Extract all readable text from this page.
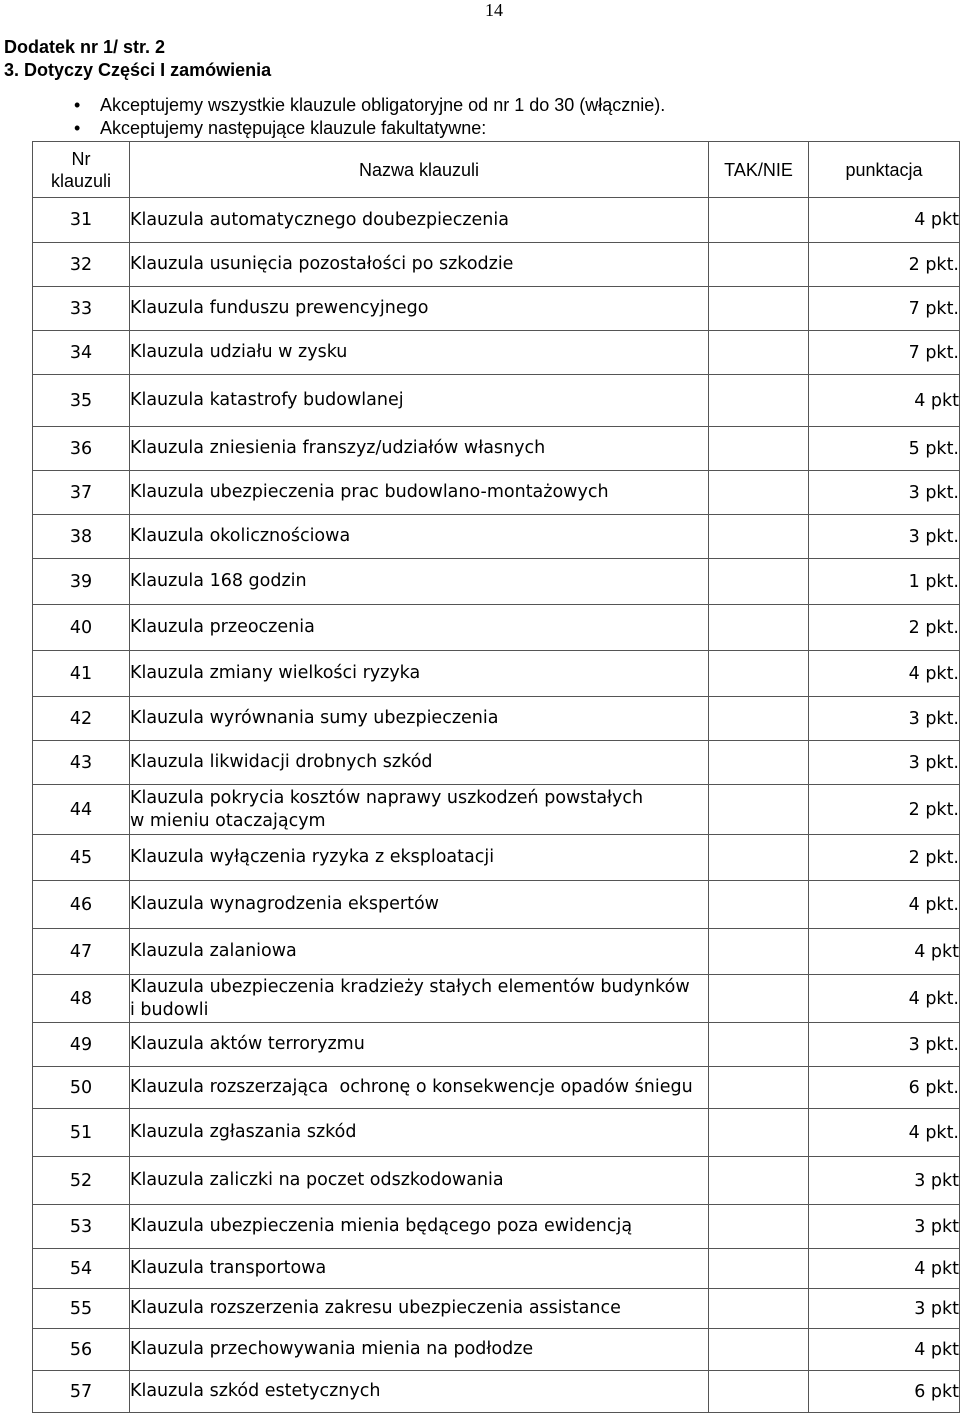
14
Dodatek nr 1/ str. 2
3. Dotyczy Części I zamówienia
• Akceptujemy wszystkie klauzule obligatoryjne od nr 1 do 30 (włącznie).
• Akceptujemy następujące klauzule fakultatywne:
Nr
klauzuli	Nazwa klauzuli	TAK/NIE	punktacja
31	Klauzula automatycznego doubezpieczenia		4 pkt
32	Klauzula usunięcia pozostałości po szkodzie		2 pkt.
33	Klauzula funduszu prewencyjnego		7 pkt.
34	Klauzula udziału w zysku		7 pkt.
35	Klauzula katastrofy budowlanej		4 pkt
36	Klauzula zniesienia franszyz/udziałów własnych		5 pkt.
37	Klauzula ubezpieczenia prac budowlano-montażowych		3 pkt.
38	Klauzula okolicznościowa		3 pkt.
39	Klauzula 168 godzin		1 pkt.
40	Klauzula przeoczenia		2 pkt.
41	Klauzula zmiany wielkości ryzyka		4 pkt.
42	Klauzula wyrównania sumy ubezpieczenia		3 pkt.
43	Klauzula likwidacji drobnych szkód		3 pkt.
44	Klauzula pokrycia kosztów naprawy uszkodzeń powstałych
w mieniu otaczającym		2 pkt.
45	Klauzula wyłączenia ryzyka z eksploatacji		2 pkt.
46	Klauzula wynagrodzenia ekspertów		4 pkt.
47	Klauzula zalaniowa		4 pkt
48	Klauzula ubezpieczenia kradzieży stałych elementów budynków
i budowli		4 pkt.
49	Klauzula aktów terroryzmu		3 pkt.
50	Klauzula rozszerzająca  ochronę o konsekwencje opadów śniegu		6 pkt.
51	Klauzula zgłaszania szkód		4 pkt.
52	Klauzula zaliczki na poczet odszkodowania		3 pkt
53	Klauzula ubezpieczenia mienia będącego poza ewidencją		3 pkt
54	Klauzula transportowa		4 pkt
55	Klauzula rozszerzenia zakresu ubezpieczenia assistance		3 pkt
56	Klauzula przechowywania mienia na podłodze		4 pkt
57	Klauzula szkód estetycznych		6 pkt
